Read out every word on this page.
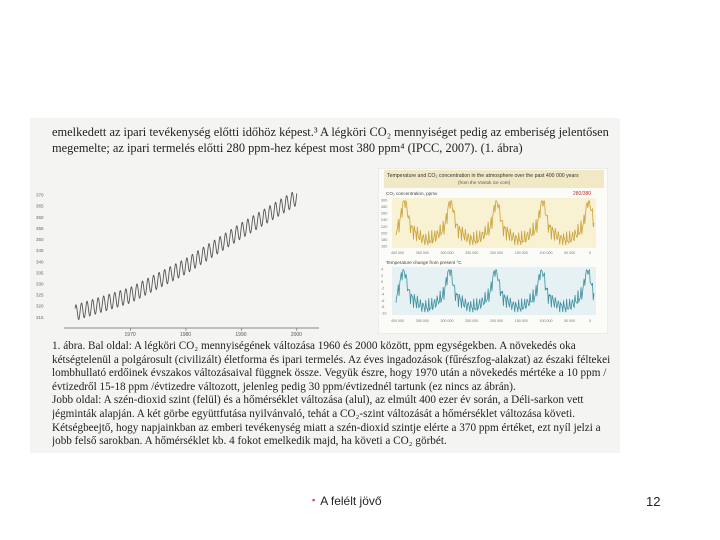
emelkedett az ipari tevékenység előtti időhöz képest.³ A légköri CO₂ mennyiséget pedig az emberiség jelentősen

megemelte; az ipari termelés előtti 280 ppm-hez képest most 380 ppm⁴ (IPCC, 2007). (1. ábra)

370
365
360
355
350
345
340
335
330
325
320
315
1970	1980	1990	2000
Temperature and CO₂ concentration in the atmosphere over the past 400 000 years
(from the Vostok ice core)
CO₂ concentration, ppmv	280/380
300
280
260
240
220
200
180
160
400 000	350 000	300 000	250 000	200 000	150 000	100 000	50 000	0
Temperature change from present °C
4
2
0
-2
-4
-6
-8
-10
400 000	350 000	300 000	250 000	200 000	150 000	100 000	50 000	0

1. ábra. Bal oldal: A légköri CO₂ mennyiségének változása 1960 és 2000 között, ppm egységekben. A növekedés oka

kétségtelenül a polgárosult (civilizált) életforma és ipari termelés. Az éves ingadozások (fűrészfog-alakzat) az északi féltekei

lombhullató erdőinek évszakos változásaival függnek össze. Vegyük észre, hogy 1970 után a növekedés mértéke a 10 ppm /

évtizedről 15-18 ppm /évtizedre változott, jelenleg pedig 30 ppm/évtizednél tartunk (ez nincs az ábrán).

Jobb oldal: A szén-dioxid szint (felül) és a hőmérséklet változása (alul), az elmúlt 400 ezer év során, a Déli-sarkon vett

jégminták alapján. A két görbe együttfutása nyilvánvaló, tehát a CO₂-szint változását a hőmérséklet változása követi.

Kétségbeejtő, hogy napjainkban az emberi tevékenység miatt a szén-dioxid szintje elérte a 370 ppm értéket, ezt nyíl jelzi a

jobb felső sarokban. A hőmérséklet kb. 4 fokot emelkedik majd, ha követi a CO₂ görbét.

▪ A felélt jövő	12
